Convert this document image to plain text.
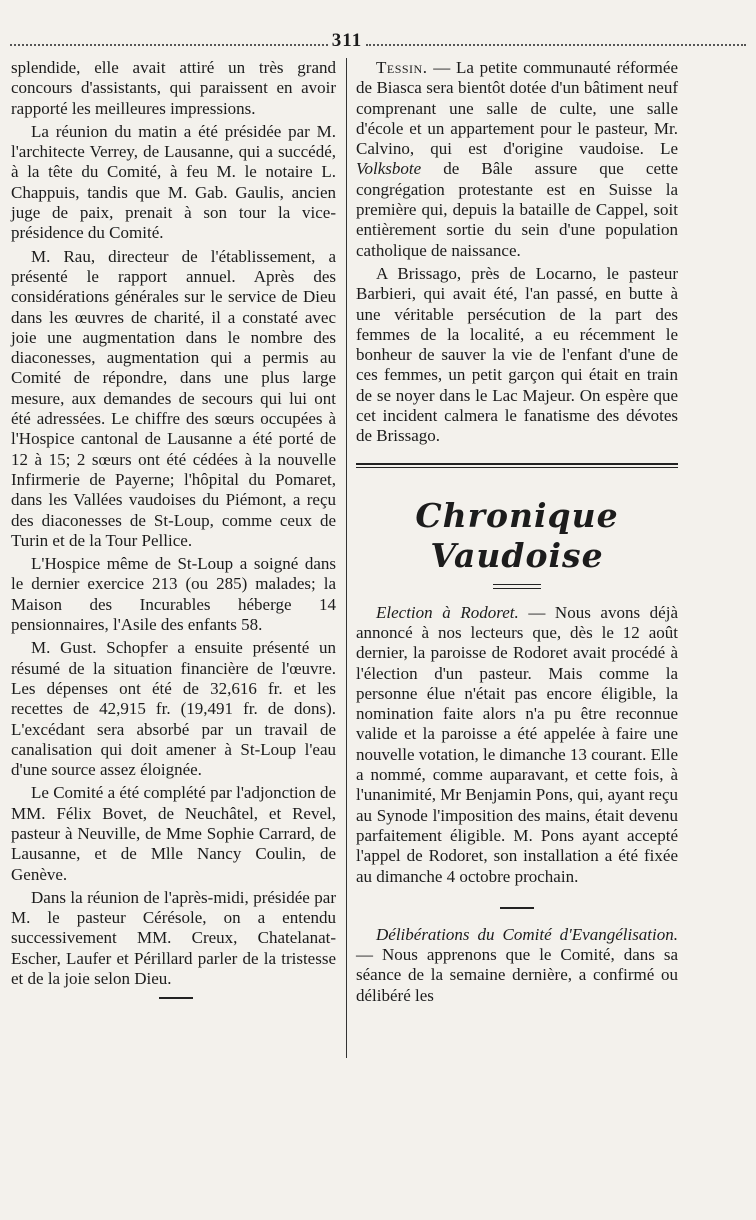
311

splendide, elle avait attiré un très grand concours d'assistants, qui paraissent en avoir rapporté les meilleures impressions.

La réunion du matin a été présidée par M. l'architecte Verrey, de Lausanne, qui a succédé, à la tête du Comité, à feu M. le notaire L. Chappuis, tandis que M. Gab. Gaulis, ancien juge de paix, prenait à son tour la vice-présidence du Comité.

M. Rau, directeur de l'établissement, a présenté le rapport annuel. Après des considérations générales sur le service de Dieu dans les œuvres de charité, il a constaté avec joie une augmentation dans le nombre des diaconesses, augmentation qui a permis au Comité de répondre, dans une plus large mesure, aux demandes de secours qui lui ont été adressées. Le chiffre des sœurs occupées à l'Hospice cantonal de Lausanne a été porté de 12 à 15; 2 sœurs ont été cédées à la nouvelle Infirmerie de Payerne; l'hôpital du Pomaret, dans les Vallées vaudoises du Piémont, a reçu des diaconesses de St-Loup, comme ceux de Turin et de la Tour Pellice.

L'Hospice même de St-Loup a soigné dans le dernier exercice 213 (ou 285) malades; la Maison des Incurables héberge 14 pensionnaires, l'Asile des enfants 58.

M. Gust. Schopfer a ensuite présenté un résumé de la situation financière de l'œuvre. Les dépenses ont été de 32,616 fr. et les recettes de 42,915 fr. (19,491 fr. de dons). L'excédant sera absorbé par un travail de canalisation qui doit amener à St-Loup l'eau d'une source assez éloignée.

Le Comité a été complété par l'adjonction de MM. Félix Bovet, de Neuchâtel, et Revel, pasteur à Neuville, de Mme Sophie Carrard, de Lausanne, et de Mlle Nancy Coulin, de Genève.

Dans la réunion de l'après-midi, présidée par M. le pasteur Cérésole, on a entendu successivement MM. Creux, Chatelanat-Escher, Laufer et Périllard parler de la tristesse et de la joie selon Dieu.

Tessin. — La petite communauté réformée de Biasca sera bientôt dotée d'un bâtiment neuf comprenant une salle de culte, une salle d'école et un appartement pour le pasteur, Mr. Calvino, qui est d'origine vaudoise. Le Volksbote de Bâle assure que cette congrégation protestante est en Suisse la première qui, depuis la bataille de Cappel, soit entièrement sortie du sein d'une population catholique de naissance.

A Brissago, près de Locarno, le pasteur Barbieri, qui avait été, l'an passé, en butte à une véritable persécution de la part des femmes de la localité, a eu récemment le bonheur de sauver la vie de l'enfant d'une de ces femmes, un petit garçon qui était en train de se noyer dans le Lac Majeur. On espère que cet incident calmera le fanatisme des dévotes de Brissago.

Chronique Vaudoise

Election à Rodoret. — Nous avons déjà annoncé à nos lecteurs que, dès le 12 août dernier, la paroisse de Rodoret avait procédé à l'élection d'un pasteur. Mais comme la personne élue n'était pas encore éligible, la nomination faite alors n'a pu être reconnue valide et la paroisse a été appelée à faire une nouvelle votation, le dimanche 13 courant. Elle a nommé, comme auparavant, et cette fois, à l'unanimité, Mr Benjamin Pons, qui, ayant reçu au Synode l'imposition des mains, était devenu parfaitement éligible. M. Pons ayant accepté l'appel de Rodoret, son installation a été fixée au dimanche 4 octobre prochain.

Délibérations du Comité d'Evangélisation. — Nous apprenons que le Comité, dans sa séance de la semaine dernière, a confirmé ou délibéré les
